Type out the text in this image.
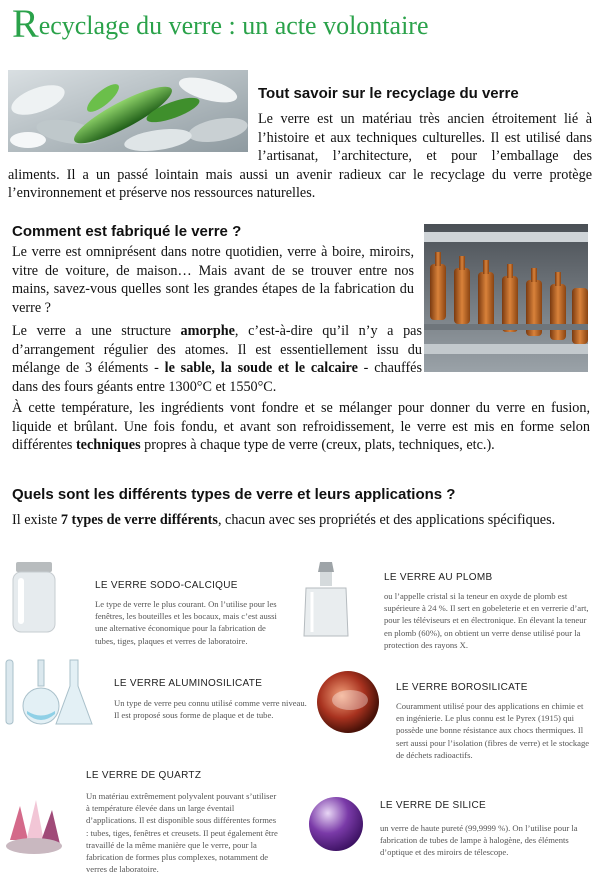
Recyclage du verre : un acte volontaire
Tout savoir sur le recyclage du verre

Le verre est un matériau très ancien étroitement lié à l’histoire et aux techniques culturelles. Il est utilisé dans l’artisanat, l’architecture, et pour l’emballage des aliments. Il a un passé lointain mais aussi un avenir radieux car le recyclage du verre protège l’environnement et préserve nos ressources naturelles.

Comment est fabriqué le verre ?

Le verre est omniprésent dans notre quotidien, verre à boire, miroirs, vitre de voiture, de maison… Mais avant de se trouver entre nos mains, savez-vous quelles sont les grandes étapes de la fabrication du verre ?

Le verre a une structure amorphe, c’est-à-dire qu’il n’y a pas d’arrangement régulier des atomes. Il est essentiellement issu du mélange de 3 éléments - le sable, la soude et le calcaire - chauffés dans des fours géants entre 1300°C et 1550°C.

À cette température, les ingrédients vont fondre et se mélanger pour donner du verre en fusion, liquide et brûlant. Une fois fondu, et avant son refroidissement, le verre est mis en forme selon différentes techniques propres à chaque type de verre (creux, plats, techniques, etc.).

Quels sont les différents types de verre et leurs applications ?

Il existe 7 types de verre différents, chacun avec ses propriétés et des applications spécifiques.

LE VERRE SODO-CALCIQUE
Le type de verre le plus courant. On l’utilise pour les fenêtres, les bouteilles et les bocaux, mais c’est aussi une alternative économique pour la fabrication de tubes, tiges, plaques et verres de laboratoire.
LE VERRE AU PLOMB
ou l’appelle cristal si la teneur en oxyde de plomb est supérieure à 24 %. Il sert en gobeleterie et en verrerie d’art, pour les téléviseurs et en électronique. En élevant la teneur en plomb (60%), on obtient un verre dense utilisé pour la protection des rayons X.
LE VERRE ALUMINOSILICATE
Un type de verre peu connu utilisé comme verre niveau. Il est proposé sous forme de plaque et de tube.
LE VERRE BOROSILICATE
Couramment utilisé pour des applications en chimie et en ingénierie. Le plus connu est le Pyrex (1915) qui possède une bonne résistance aux chocs thermiques. Il sert aussi pour l’isolation (fibres de verre) et le stockage de déchets radioactifs.
LE VERRE DE QUARTZ
Un matériau extrêmement polyvalent pouvant s’utiliser à température élevée dans un large éventail d’applications. Il est disponible sous différentes formes : tubes, tiges, fenêtres et creusets. Il peut également être travaillé de la même manière que le verre, pour la fabrication de formes plus complexes, notamment de verres de laboratoire.
LE VERRE DE SILICE
un verre de haute pureté (99,9999 %). On l’utilise pour la fabrication de tubes de lampe à halogène, des éléments d’optique et des miroirs de télescope.
